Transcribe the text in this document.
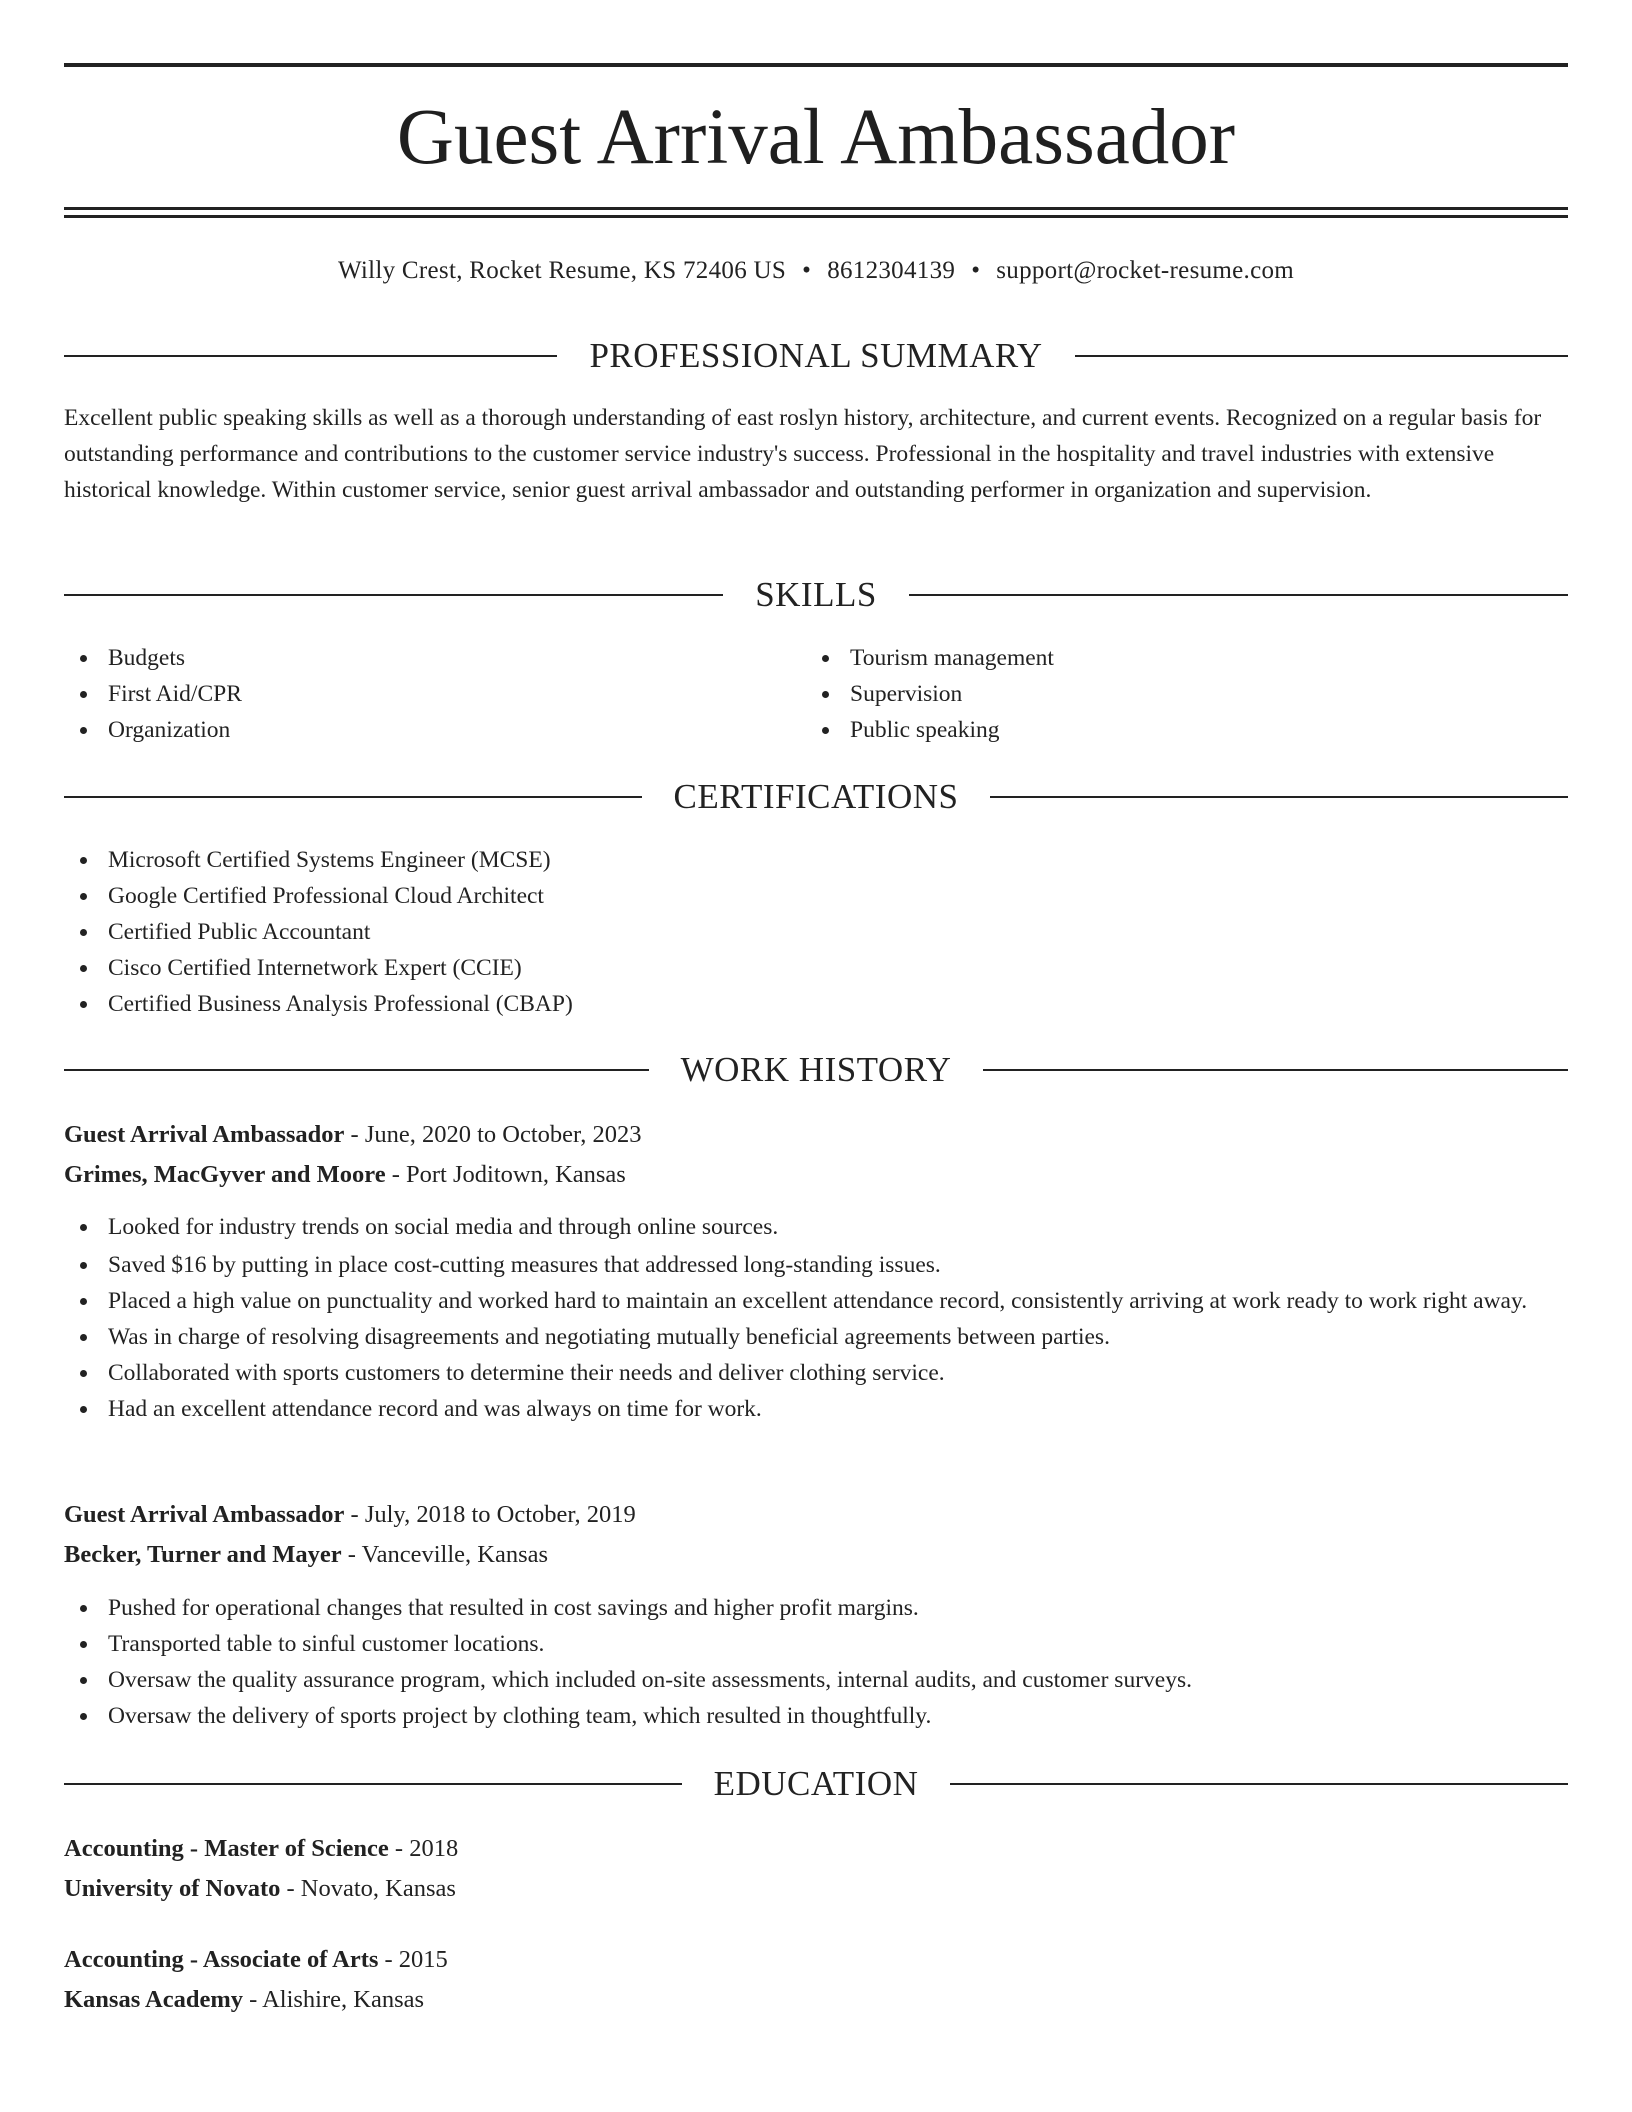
Guest Arrival Ambassador
Willy Crest, Rocket Resume, KS 72406 US • 8612304139 • support@rocket-resume.com
PROFESSIONAL SUMMARY

Excellent public speaking skills as well as a thorough understanding of east roslyn history, architecture, and current events. Recognized on a regular basis for outstanding performance and contributions to the customer service industry's success. Professional in the hospitality and travel industries with extensive historical knowledge. Within customer service, senior guest arrival ambassador and outstanding performer in organization and supervision.

SKILLS
Budgets
First Aid/CPR
Organization
Tourism management
Supervision
Public speaking
CERTIFICATIONS
Microsoft Certified Systems Engineer (MCSE)
Google Certified Professional Cloud Architect
Certified Public Accountant
Cisco Certified Internetwork Expert (CCIE)
Certified Business Analysis Professional (CBAP)
WORK HISTORY
Guest Arrival Ambassador - June, 2020 to October, 2023
Grimes, MacGyver and Moore - Port Joditown, Kansas
Looked for industry trends on social media and through online sources.
Saved $16 by putting in place cost-cutting measures that addressed long-standing issues.
Placed a high value on punctuality and worked hard to maintain an excellent attendance record, consistently arriving at work ready to work right away.
Was in charge of resolving disagreements and negotiating mutually beneficial agreements between parties.
Collaborated with sports customers to determine their needs and deliver clothing service.
Had an excellent attendance record and was always on time for work.
Guest Arrival Ambassador - July, 2018 to October, 2019
Becker, Turner and Mayer - Vanceville, Kansas
Pushed for operational changes that resulted in cost savings and higher profit margins.
Transported table to sinful customer locations.
Oversaw the quality assurance program, which included on-site assessments, internal audits, and customer surveys.
Oversaw the delivery of sports project by clothing team, which resulted in thoughtfully.
EDUCATION
Accounting - Master of Science - 2018
University of Novato - Novato, Kansas
Accounting - Associate of Arts - 2015
Kansas Academy - Alishire, Kansas
